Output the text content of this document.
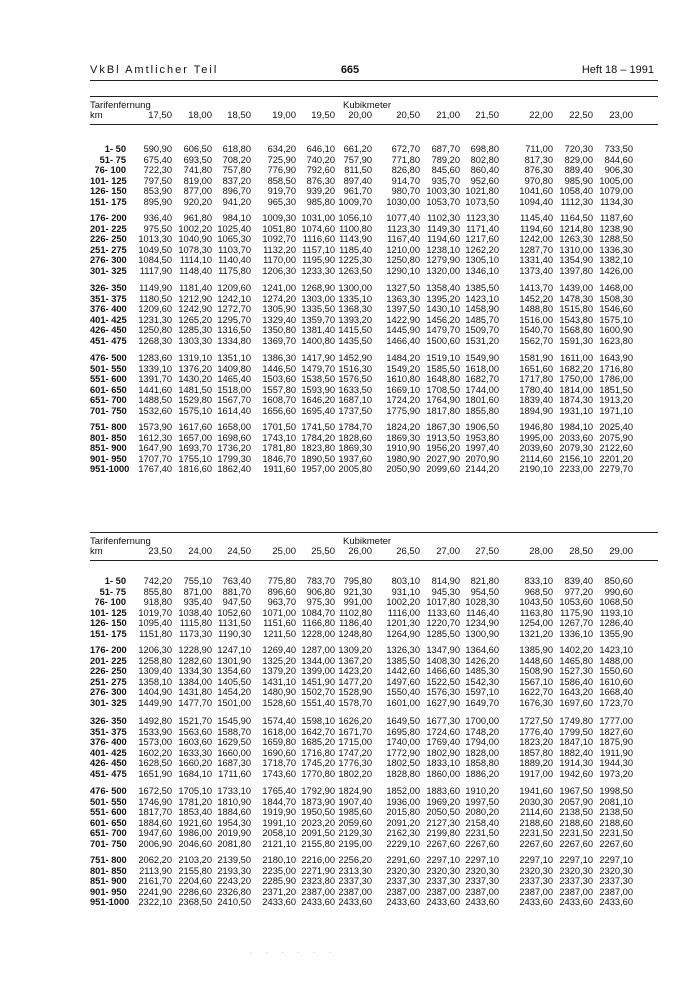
VkBl Amtlicher Teil	665	Heft 18 – 1991
Tarifenfernung	Kubikmeter
km	17,50	18,00	18,50	19,00	19,50	20,00	20,50	21,00	21,50	22,00	22,50	23,00
1- 50	590,90	606,50	618,80	634,20	646,10 661,20	672,70	687,70	698,80	711,00	720,30	733,50
51- 75	675,40	693,50	708,20	725,90	740,20 757,90	771,80	789,20	802,80	817,30	829,00	844,60
76- 100	722,30	741,80	757,80	776,90	792,60 811,50	826,80	845,60	860,40	876,30	889,40	906,30
101- 125	797,50	819,00	837,20	858,50	876,30 897,40	914,70	935,70	952,60	970,80	985,90 1005,00
126- 150	853,90	877,00	896,70	919,70	939,20 961,70	980,70 1003,30 1021,80	1041,60 1058,40 1079,00
151- 175	895,90	920,20	941,20	965,30	985,80 1009,70	1030,00 1053,70 1073,50	1094,40 1112,30 1134,30
176- 200	936,40	961,80	984,10	1009,30 1031,00 1056,10	1077,40 1102,30 1123,30	1145,40 1164,50 1187,60
201- 225	975,50 1002,20 1025,40	1051,80 1074,60 1100,80	1123,30 1149,30 1171,40	1194,60 1214,80 1238,90
226- 250	1013,30 1040,90 1065,30	1092,70 1116,60 1143,90	1167,40 1194,60 1217,60	1242,00 1263,30 1288,50
251- 275	1049,50 1078,30 1103,70	1132,20 1157,10 1185,40	1210,00 1238,10 1262,20	1287,70 1310,00 1336,30
276- 300	1084,50 1114,10 1140,40	1170,00 1195,90 1225,30	1250,80 1279,90 1305,10	1331,40 1354,90 1382,10
301- 325	1117,90 1148,40 1175,80	1206,30 1233,30 1263,50	1290,10 1320,00 1346,10	1373,40 1397,80 1426,00
326- 350	1149,90 1181,40 1209,60	1241,00 1268,90 1300,00	1327,50 1358,40 1385,50	1413,70 1439,00 1468,00
351- 375	1180,50 1212,90 1242,10	1274,20 1303,00 1335,10	1363,30 1395,20 1423,10	1452,20 1478,30 1508,30
376- 400	1209,60 1242,90 1272,70	1305,90 1335,50 1368,30	1397,50 1430,10 1458,90	1488,80 1515,80 1546,60
401- 425	1231,30 1265,20 1295,70	1329,40 1359,70 1393,20	1422,90 1456,20 1485,70	1516,00 1543,80 1575,10
426- 450	1250,80 1285,30 1316,50	1350,80 1381,40 1415,50	1445,90 1479,70 1509,70	1540,70 1568,80 1600,90
451- 475	1268,30 1303,30 1334,80	1369,70 1400,80 1435,50	1466,40 1500,60 1531,20	1562,70 1591,30 1623,80
476- 500	1283,60 1319,10 1351,10	1386,30 1417,90 1452,90	1484,20 1519,10 1549,90	1581,90 1611,00 1643,90
501- 550	1339,10 1376,20 1409,80	1446,50 1479,70 1516,30	1549,20 1585,50 1618,00	1651,60 1682,20 1716,80
551- 600	1391,70 1430,20 1465,40	1503,60 1538,50 1576,50	1610,80 1648,80 1682,70	1717,80 1750,00 1786,00
601- 650	1441,60 1481,50 1518,00	1557,80 1593,90 1633,50	1669,10 1708,50 1744,00	1780,40 1814,00 1851,50
651- 700	1488,50 1529,80 1567,70	1608,70 1646,20 1687,10	1724,20 1764,90 1801,60	1839,40 1874,30 1913,20
701- 750	1532,60 1575,10 1614,40	1656,60 1695,40 1737,50	1775,90 1817,80 1855,80	1894,90 1931,10 1971,10
751- 800	1573,90 1617,60 1658,00	1701,50 1741,50 1784,70	1824,20 1867,30 1906,50	1946,80 1984,10 2025,40
801- 850	1612,30 1657,00 1698,60	1743,10 1784,20 1828,60	1869,30 1913,50 1953,80	1995,00 2033,60 2075,90
851- 900	1647,90 1693,70 1736,20	1781,80 1823,80 1869,30	1910,90 1956,20 1997,40	2039,60 2079,30 2122,60
901- 950	1707,70 1755,10 1799,30	1846,70 1890,50 1937,60	1980,90 2027,90 2070,90	2114,60 2156,10 2201,20
951-1000 1767,40 1816,60 1862,40	1911,60 1957,00 2005,80	2050,90 2099,60 2144,20	2190,10 2233,00 2279,70
Tarifenfernung	Kubikmeter
km	23,50	24,00	24,50	25,00	25,50	26,00	26,50	27,00	27,50	28,00	28,50	29,00
1- 50	742,20	755,10	763,40	775,80	783,70 795,80	803,10	814,90	821,80	833,10	839,40	850,60
51- 75	855,80	871,00	881,70	896,60	906,80 921,30	931,10	945,30	954,50	968,50	977,20	990,60
76- 100	918,80	935,40	947,50	963,70	975,30 991,00	1002,20 1017,80 1028,30	1043,50 1053,60 1068,50
101- 125	1019,70 1038,40 1052,60	1071,00 1084,70 1102,80	1116,00 1133,60 1146,40	1163,80 1175,90 1193,10
126- 150	1095,40 1115,80 1131,50	1151,60 1166,80 1186,40	1201,30 1220,70 1234,90	1254,00 1267,70 1286,40
151- 175	1151,80 1173,30 1190,30	1211,50 1228,00 1248,80	1264,90 1285,50 1300,90	1321,20 1336,10 1355,90
176- 200	1206,30 1228,90 1247,10	1269,40 1287,00 1309,20	1326,30 1347,90 1364,60	1385,90 1402,20 1423,10
201- 225	1258,80 1282,60 1301,90	1325,20 1344,00 1367,20	1385,50 1408,30 1426,20	1448,60 1465,80 1488,00
226- 250	1309,40 1334,30 1354,60	1379,20 1399,00 1423,20	1442,60 1466,60 1485,30	1508,90 1527,30 1550,60
251- 275	1358,10 1384,00 1405,50	1431,10 1451,90 1477,20	1497,60 1522,50 1542,30	1567,10 1586,40 1610,60
276- 300	1404,90 1431,80 1454,20	1480,90 1502,70 1528,90	1550,40 1576,30 1597,10	1622,70 1643,20 1668,40
301- 325	1449,90 1477,70 1501,00	1528,60 1551,40 1578,70	1601,00 1627,90 1649,70	1676,30 1697,60 1723,70
326- 350	1492,80 1521,70 1545,90	1574,40 1598,10 1626,20	1649,50 1677,30 1700,00	1727,50 1749,80 1777,00
351- 375	1533,90 1563,60 1588,70	1618,00 1642,70 1671,70	1695,80 1724,60 1748,20	1776,40 1799,50 1827,60
376- 400	1573,00 1603,60 1629,50	1659,80 1685,20 1715,00	1740,00 1769,40 1794,00	1823,20 1847,10 1875,90
401- 425	1602,20 1633,30 1660,00	1690,60 1716,80 1747,20	1772,90 1802,90 1828,00	1857,80 1882,40 1911,90
426- 450	1628,50 1660,20 1687,30	1718,70 1745,20 1776,30	1802,50 1833,10 1858,80	1889,20 1914,30 1944,30
451- 475	1651,90 1684,10 1711,60	1743,60 1770,80 1802,20	1828,80 1860,00 1886,20	1917,00 1942,60 1973,20
476- 500	1672,50 1705,10 1733,10	1765,40 1792,90 1824,90	1852,00 1883,60 1910,20	1941,60 1967,50 1998,50
501- 550	1746,90 1781,20 1810,90	1844,70 1873,90 1907,40	1936,00 1969,20 1997,50	2030,30 2057,90 2081,10
551- 600	1817,70 1853,40 1884,60	1919,90 1950,50 1985,60	2015,80 2050,50 2080,20	2114,60 2138,50 2138,50
601- 650	1884,60 1921,60 1954,30	1991,10 2023,20 2059,60	2091,20 2127,30 2158,40	2188,60 2188,60 2188,60
651- 700	1947,60 1986,00 2019,90	2058,10 2091,50 2129,30	2162,30 2199,80 2231,50	2231,50 2231,50 2231,50
701- 750	2006,90 2046,60 2081,80	2121,10 2155,80 2195,00	2229,10 2267,60 2267,60	2267,60 2267,60 2267,60
751- 800	2062,20 2103,20 2139,50	2180,10 2216,00 2256,20	2291,60 2297,10 2297,10	2297,10 2297,10 2297,10
801- 850	2113,90 2155,80 2193,30	2235,00 2271,90 2313,30	2320,30 2320,30 2320,30	2320,30 2320,30 2320,30
851- 900	2161,70 2204,60 2243,20	2285,90 2323,80 2337,30	2337,30 2337,30 2337,30	2337,30 2337,30 2337,30
901- 950	2241,90 2286,60 2326,80	2371,20 2387,00 2387,00	2387,00 2387,00 2387,00	2387,00 2387,00 2387,00
951-1000 2322,10 2368,50 2410,50	2433,60 2433,60 2433,60	2433,60 2433,60 2433,60	2433,60 2433,60 2433,60
. . . . . .
